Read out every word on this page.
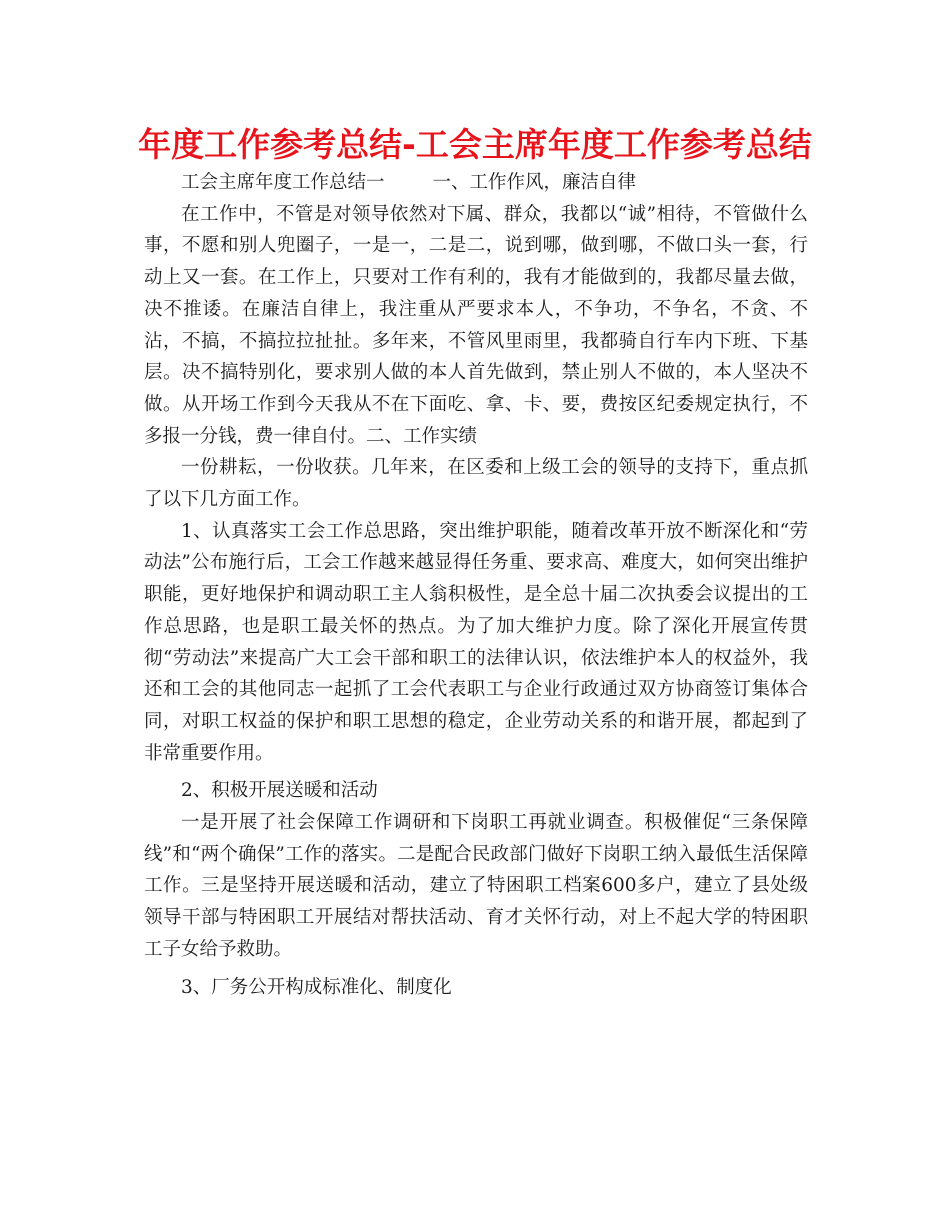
年度工作参考总结-工会主席年度工作参考总结

工会主席年度工作总结一	一、工作作风，廉洁自律

在工作中，不管是对领导依然对下属、群众，我都以“诚”相待，不管做什么事，不愿和别人兜圈子，一是一，二是二，说到哪，做到哪，不做口头一套，行动上又一套。在工作上，只要对工作有利的，我有才能做到的，我都尽量去做，决不推诿。在廉洁自律上，我注重从严要求本人，不争功，不争名，不贪、不沾，不搞，不搞拉拉扯扯。多年来，不管风里雨里，我都骑自行车内下班、下基层。决不搞特别化，要求别人做的本人首先做到，禁止别人不做的，本人坚决不做。从开场工作到今天我从不在下面吃、拿、卡、要，费按区纪委规定执行，不多报一分钱，费一律自付。二、工作实绩

一份耕耘，一份收获。几年来，在区委和上级工会的领导的支持下，重点抓了以下几方面工作。

1、认真落实工会工作总思路，突出维护职能，随着改革开放不断深化和“劳动法”公布施行后，工会工作越来越显得任务重、要求高、难度大，如何突出维护职能，更好地保护和调动职工主人翁积极性，是全总十届二次执委会议提出的工作总思路，也是职工最关怀的热点。为了加大维护力度。除了深化开展宣传贯彻“劳动法”来提高广大工会干部和职工的法律认识，依法维护本人的权益外，我还和工会的其他同志一起抓了工会代表职工与企业行政通过双方协商签订集体合同，对职工权益的保护和职工思想的稳定，企业劳动关系的和谐开展，都起到了非常重要作用。

2、积极开展送暖和活动

一是开展了社会保障工作调研和下岗职工再就业调查。积极催促“三条保障线”和“两个确保”工作的落实。二是配合民政部门做好下岗职工纳入最低生活保障工作。三是坚持开展送暖和活动，建立了特困职工档案600多户，建立了县处级领导干部与特困职工开展结对帮扶活动、育才关怀行动，对上不起大学的特困职工子女给予救助。

3、厂务公开构成标准化、制度化
